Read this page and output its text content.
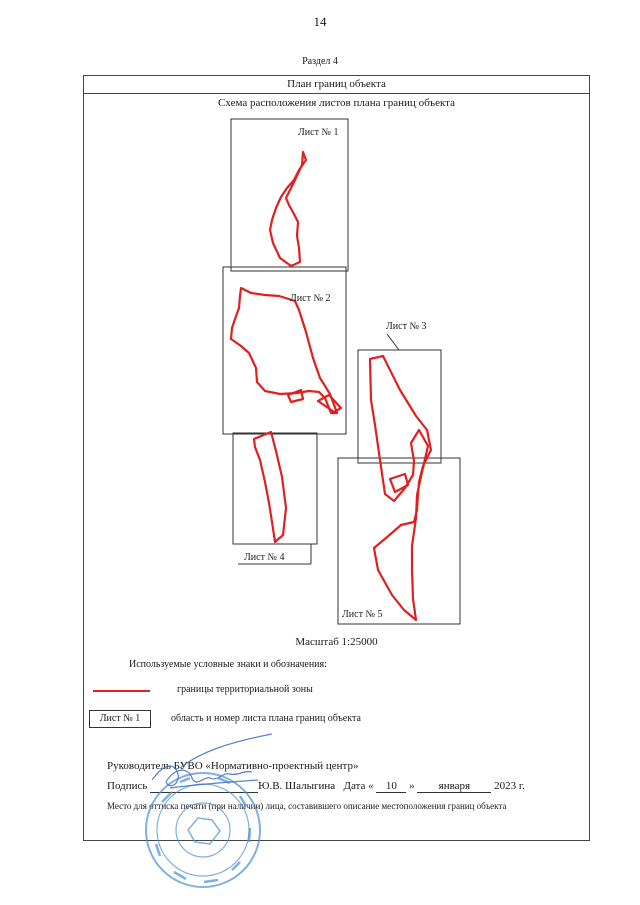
14
Раздел 4
План границ объекта
Схема расположения листов плана границ объекта
Лист № 1
Лист № 2
Лист № 3
Лист № 4
Лист № 5
Масштаб 1:25000
Используемые условные знаки и обозначения:
границы территориальной зоны
Лист № 1	область и номер листа плана границ объекта
Руководитель БУВО «Нормативно-проектный центр»
Подпись	Ю.В. Шалыгина Дата « 10 » января 2023 г.
Место для оттиска печати (при наличии) лица, составившего описание местоположения границ объекта
